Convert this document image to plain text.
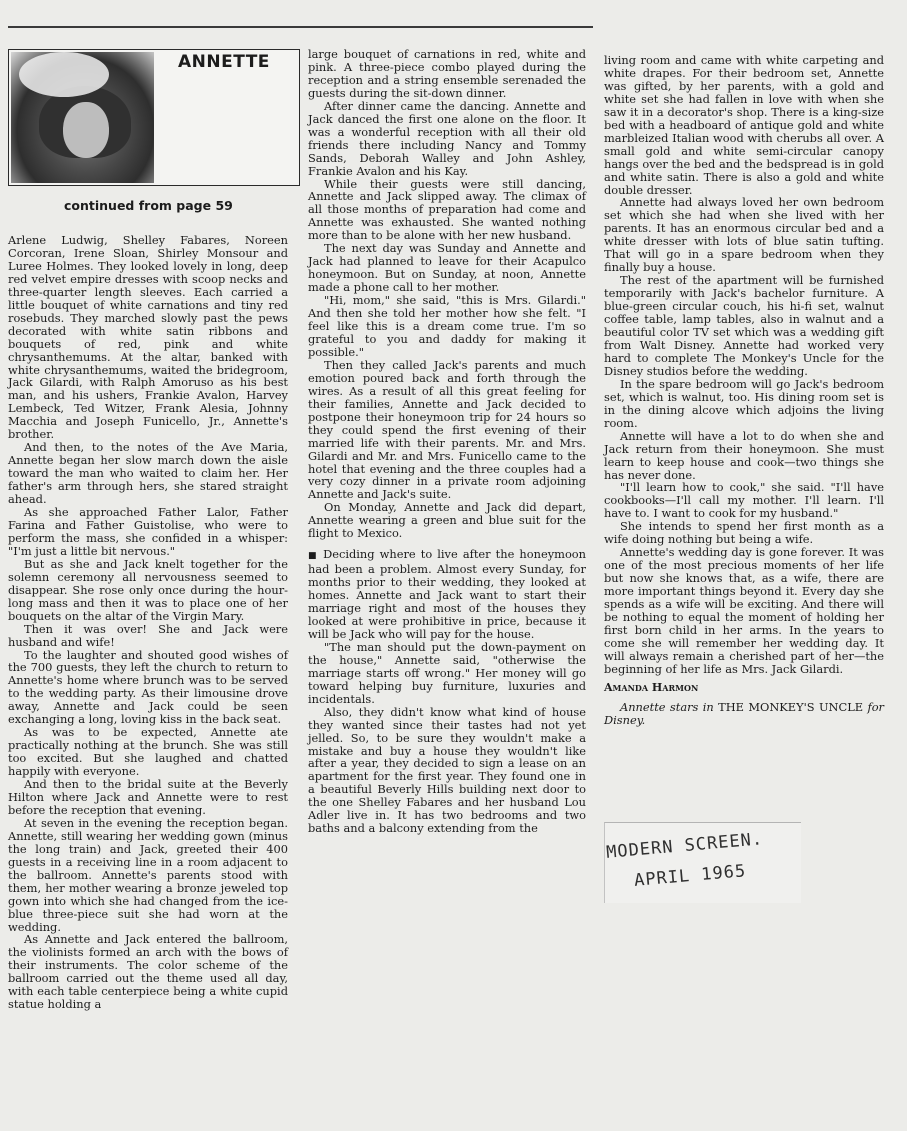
ANNETTE
continued from page 59

Arlene Ludwig, Shelley Fabares, Noreen Corcoran, Irene Sloan, Shirley Monsour and Luree Holmes. They looked lovely in long, deep red velvet empire dresses with scoop necks and three-quarter length sleeves. Each carried a little bouquet of white carnations and tiny red rosebuds. They marched slowly past the pews decorated with white satin ribbons and bouquets of red, pink and white chrysanthemums. At the altar, banked with white chrysanthemums, waited the bridegroom, Jack Gilardi, with Ralph Amoruso as his best man, and his ushers, Frankie Avalon, Harvey Lembeck, Ted Witzer, Frank Alesia, Johnny Macchia and Joseph Funicello, Jr., Annette's brother.

And then, to the notes of the Ave Maria, Annette began her slow march down the aisle toward the man who waited to claim her. Her father's arm through hers, she stared straight ahead.

As she approached Father Lalor, Father Farina and Father Guistolise, who were to perform the mass, she confided in a whisper: "I'm just a little bit nervous."

But as she and Jack knelt together for the solemn ceremony all nervousness seemed to disappear. She rose only once during the hour-long mass and then it was to place one of her bouquets on the altar of the Virgin Mary.

Then it was over! She and Jack were husband and wife!

To the laughter and shouted good wishes of the 700 guests, they left the church to return to Annette's home where brunch was to be served to the wedding party. As their limousine drove away, Annette and Jack could be seen exchanging a long, loving kiss in the back seat.

As was to be expected, Annette ate practically nothing at the brunch. She was still too excited. But she laughed and chatted happily with everyone.

And then to the bridal suite at the Beverly Hilton where Jack and Annette were to rest before the reception that evening.

At seven in the evening the reception began. Annette, still wearing her wedding gown (minus the long train) and Jack, greeted their 400 guests in a receiving line in a room adjacent to the ballroom. Annette's parents stood with them, her mother wearing a bronze jeweled top gown into which she had changed from the ice-blue three-piece suit she had worn at the wedding.

As Annette and Jack entered the ballroom, the violinists formed an arch with the bows of their instruments. The color scheme of the ballroom carried out the theme used all day, with each table centerpiece being a white cupid statue holding a

large bouquet of carnations in red, white and pink. A three-piece combo played during the reception and a string ensemble serenaded the guests during the sit-down dinner.

After dinner came the dancing. Annette and Jack danced the first one alone on the floor. It was a wonderful reception with all their old friends there including Nancy and Tommy Sands, Deborah Walley and John Ashley, Frankie Avalon and his Kay.

While their guests were still dancing, Annette and Jack slipped away. The climax of all those months of preparation had come and Annette was exhausted. She wanted nothing more than to be alone with her new husband.

The next day was Sunday and Annette and Jack had planned to leave for their Acapulco honeymoon. But on Sunday, at noon, Annette made a phone call to her mother.

"Hi, mom," she said, "this is Mrs. Gilardi." And then she told her mother how she felt. "I feel like this is a dream come true. I'm so grateful to you and daddy for making it possible."

Then they called Jack's parents and much emotion poured back and forth through the wires. As a result of all this great feeling for their families, Annette and Jack decided to postpone their honeymoon trip for 24 hours so they could spend the first evening of their married life with their parents. Mr. and Mrs. Gilardi and Mr. and Mrs. Funicello came to the hotel that evening and the three couples had a very cozy dinner in a private room adjoining Annette and Jack's suite.

On Monday, Annette and Jack did depart, Annette wearing a green and blue suit for the flight to Mexico.

■ Deciding where to live after the honeymoon had been a problem. Almost every Sunday, for months prior to their wedding, they looked at homes. Annette and Jack want to start their marriage right and most of the houses they looked at were prohibitive in price, because it will be Jack who will pay for the house.

"The man should put the down-payment on the house," Annette said, "otherwise the marriage starts off wrong." Her money will go toward helping buy furniture, luxuries and incidentals.

Also, they didn't know what kind of house they wanted since their tastes had not yet jelled. So, to be sure they wouldn't make a mistake and buy a house they wouldn't like after a year, they decided to sign a lease on an apartment for the first year. They found one in a beautiful Beverly Hills building next door to the one Shelley Fabares and her husband Lou Adler live in. It has two bedrooms and two baths and a balcony extending from the

living room and came with white carpeting and white drapes. For their bedroom set, Annette was gifted, by her parents, with a gold and white set she had fallen in love with when she saw it in a decorator's shop. There is a king-size bed with a headboard of antique gold and white marbleized Italian wood with cherubs all over. A small gold and white semi-circular canopy hangs over the bed and the bedspread is in gold and white satin. There is also a gold and white double dresser.

Annette had always loved her own bedroom set which she had when she lived with her parents. It has an enormous circular bed and a white dresser with lots of blue satin tufting. That will go in a spare bedroom when they finally buy a house.

The rest of the apartment will be furnished temporarily with Jack's bachelor furniture. A blue-green circular couch, his hi-fi set, walnut coffee table, lamp tables, also in walnut and a beautiful color TV set which was a wedding gift from Walt Disney. Annette had worked very hard to complete The Monkey's Uncle for the Disney studios before the wedding.

In the spare bedroom will go Jack's bedroom set, which is walnut, too. His dining room set is in the dining alcove which adjoins the living room.

Annette will have a lot to do when she and Jack return from their honeymoon. She must learn to keep house and cook—two things she has never done.

"I'll learn how to cook," she said. "I'll have cookbooks—I'll call my mother. I'll learn. I'll have to. I want to cook for my husband."

She intends to spend her first month as a wife doing nothing but being a wife.

Annette's wedding day is gone forever. It was one of the most precious moments of her life but now she knows that, as a wife, there are more important things beyond it. Every day she spends as a wife will be exciting. And there will be nothing to equal the moment of holding her first born child in her arms. In the years to come she will remember her wedding day. It will always remain a cherished part of her—the beginning of her life as Mrs. Jack Gilardi.

Amanda Harmon

Annette stars in THE MONKEY'S UNCLE for Disney.

MODERN SCREEN.
APRIL 1965
